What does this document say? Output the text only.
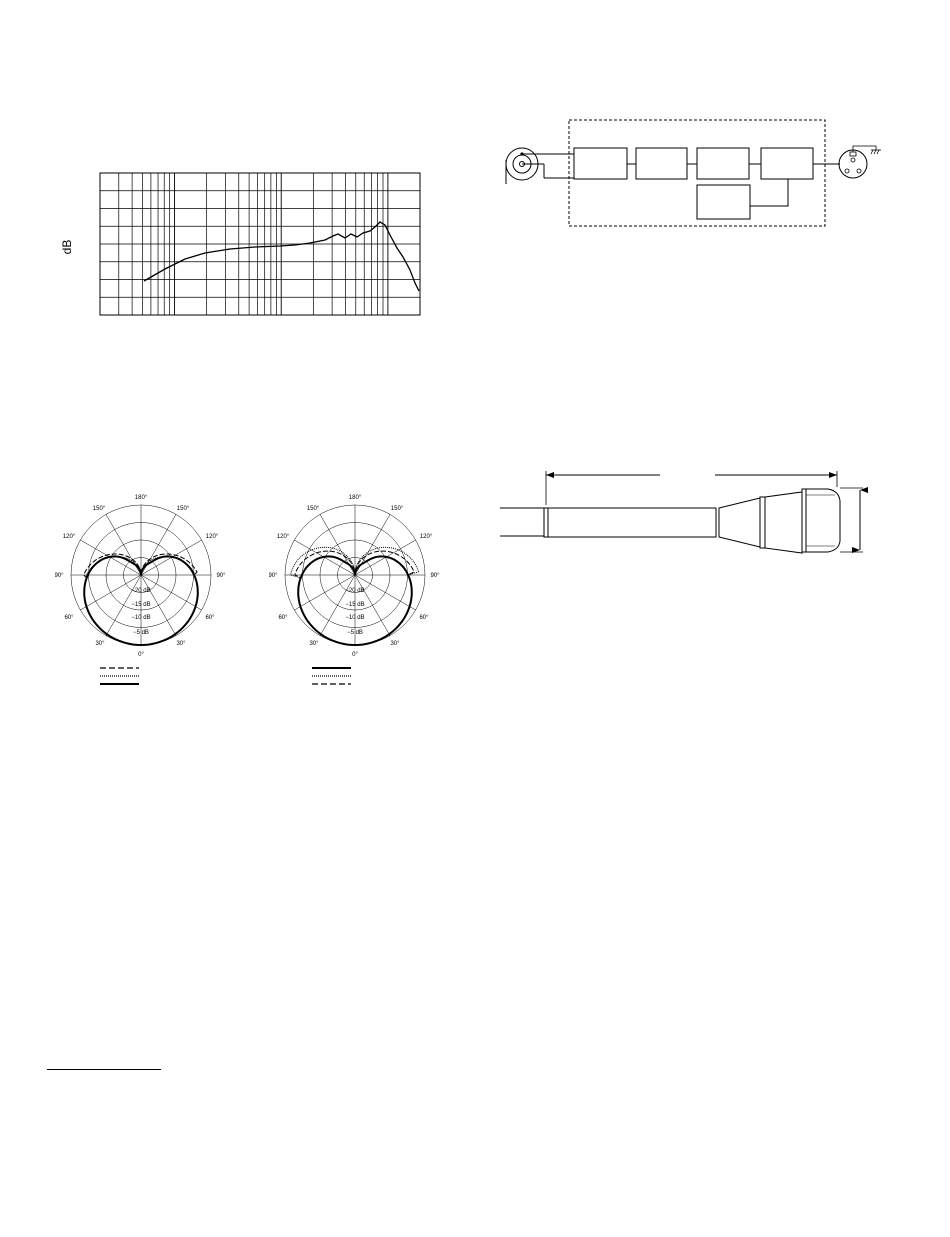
dB
180°
150°	150°
120°	120°
90°	90°
60°	60°
30°	30°
0°
−20 dB
−15 dB
−10 dB
−5 dB
180°
150°	150°
120°	120°
90°	90°
60°	60°
30°	30°
0°
−20 dB
−15 dB
−10 dB
−5 dB
